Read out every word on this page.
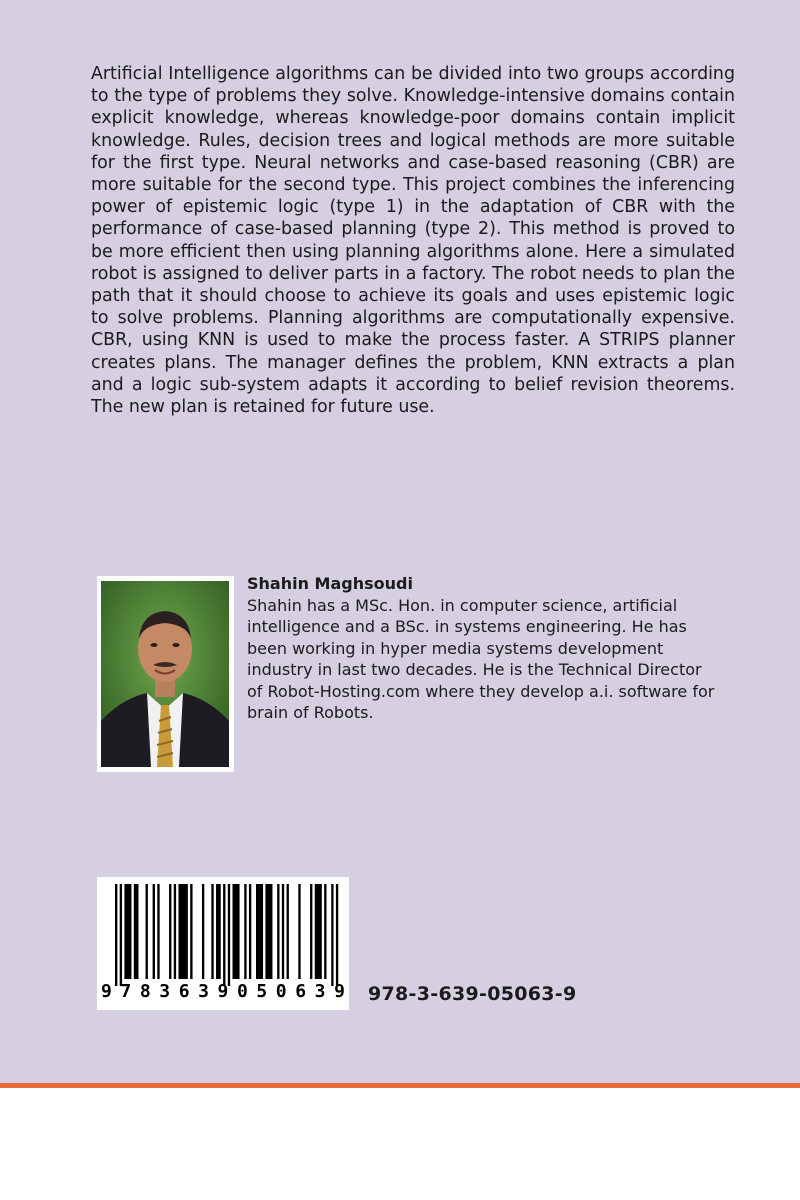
Artificial Intelligence algorithms can be divided into two groups according to the type of problems they solve. Knowledge-intensive domains contain explicit knowledge, whereas knowledge-poor domains contain implicit knowledge. Rules, decision trees and logical methods are more suitable for the first type. Neural networks and case-based reasoning (CBR) are more suitable for the second type. This project combines the inferencing power of epistemic logic (type 1) in the adaptation of CBR with the performance of case-based planning (type 2). This method is proved to be more efficient then using planning algorithms alone. Here a simulated robot is assigned to deliver parts in a factory. The robot needs to plan the path that it should choose to achieve its goals and uses epistemic logic to solve problems. Planning algorithms are computationally expensive. CBR, using KNN is used to make the process faster. A STRIPS planner creates plans. The manager defines the problem, KNN extracts a plan and a logic sub-system adapts it according to belief revision theorems. The new plan is retained for future use.

Shahin Maghsoudi

Shahin has a MSc. Hon. in computer science, artificial intelligence and a BSc. in systems engineering. He has been working in hyper media systems development industry in last two decades. He is the Technical Director of Robot-Hosting.com where they develop a.i. software for brain of Robots.

9 7 8 3 6 3 9 0 5 0 6 3 9 978-3-639-05063-9
